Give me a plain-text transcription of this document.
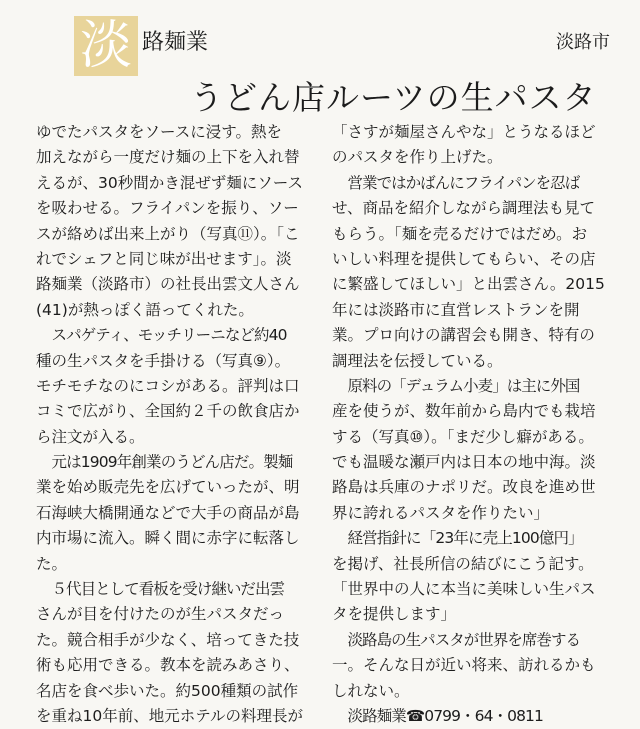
淡 路麺業	淡路市
うどん店ルーツの生パスタ
ゆでたパスタをソースに浸す。熱を
加えながら一度だけ麺の上下を入れ替
えるが、30秒間かき混ぜず麺にソース
を吸わせる。フライパンを振り、ソー
スが絡めば出来上がり（写真⑪）。「こ
れでシェフと同じ味が出せます」。淡
路麺業（淡路市）の社長出雲文人さん
(41)が熱っぽく語ってくれた。
スパゲティ、モッチリーニなど約40
種の生パスタを手掛ける（写真⑨）。
モチモチなのにコシがある。評判は口
コミで広がり、全国約２千の飲食店か
ら注文が入る。
元は1909年創業のうどん店だ。製麺
業を始め販売先を広げていったが、明
石海峡大橋開通などで大手の商品が島
内市場に流入。瞬く間に赤字に転落し
た。
５代目として看板を受け継いだ出雲
さんが目を付けたのが生パスタだっ
た。競合相手が少なく、培ってきた技
術も応用できる。教本を読みあさり、
名店を食べ歩いた。約500種類の試作
を重ね10年前、地元ホテルの料理長が
「さすが麺屋さんやな」とうなるほど
のパスタを作り上げた。
営業ではかばんにフライパンを忍ば
せ、商品を紹介しながら調理法も見て
もらう。「麺を売るだけではだめ。お
いしい料理を提供してもらい、その店
に繁盛してほしい」と出雲さん。2015
年には淡路市に直営レストランを開
業。プロ向けの講習会も開き、特有の
調理法を伝授している。
原料の「デュラム小麦」は主に外国
産を使うが、数年前から島内でも栽培
する（写真⑩）。「まだ少し癖がある。
でも温暖な瀬戸内は日本の地中海。淡
路島は兵庫のナポリだ。改良を進め世
界に誇れるパスタを作りたい」
経営指針に「23年に売上100億円」
を掲げ、社長所信の結びにこう記す。
「世界中の人に本当に美味しい生パス
タを提供します」
淡路島の生パスタが世界を席巻する
一。そんな日が近い将来、訪れるかも
しれない。
淡路麺業☎0799・64・0811
